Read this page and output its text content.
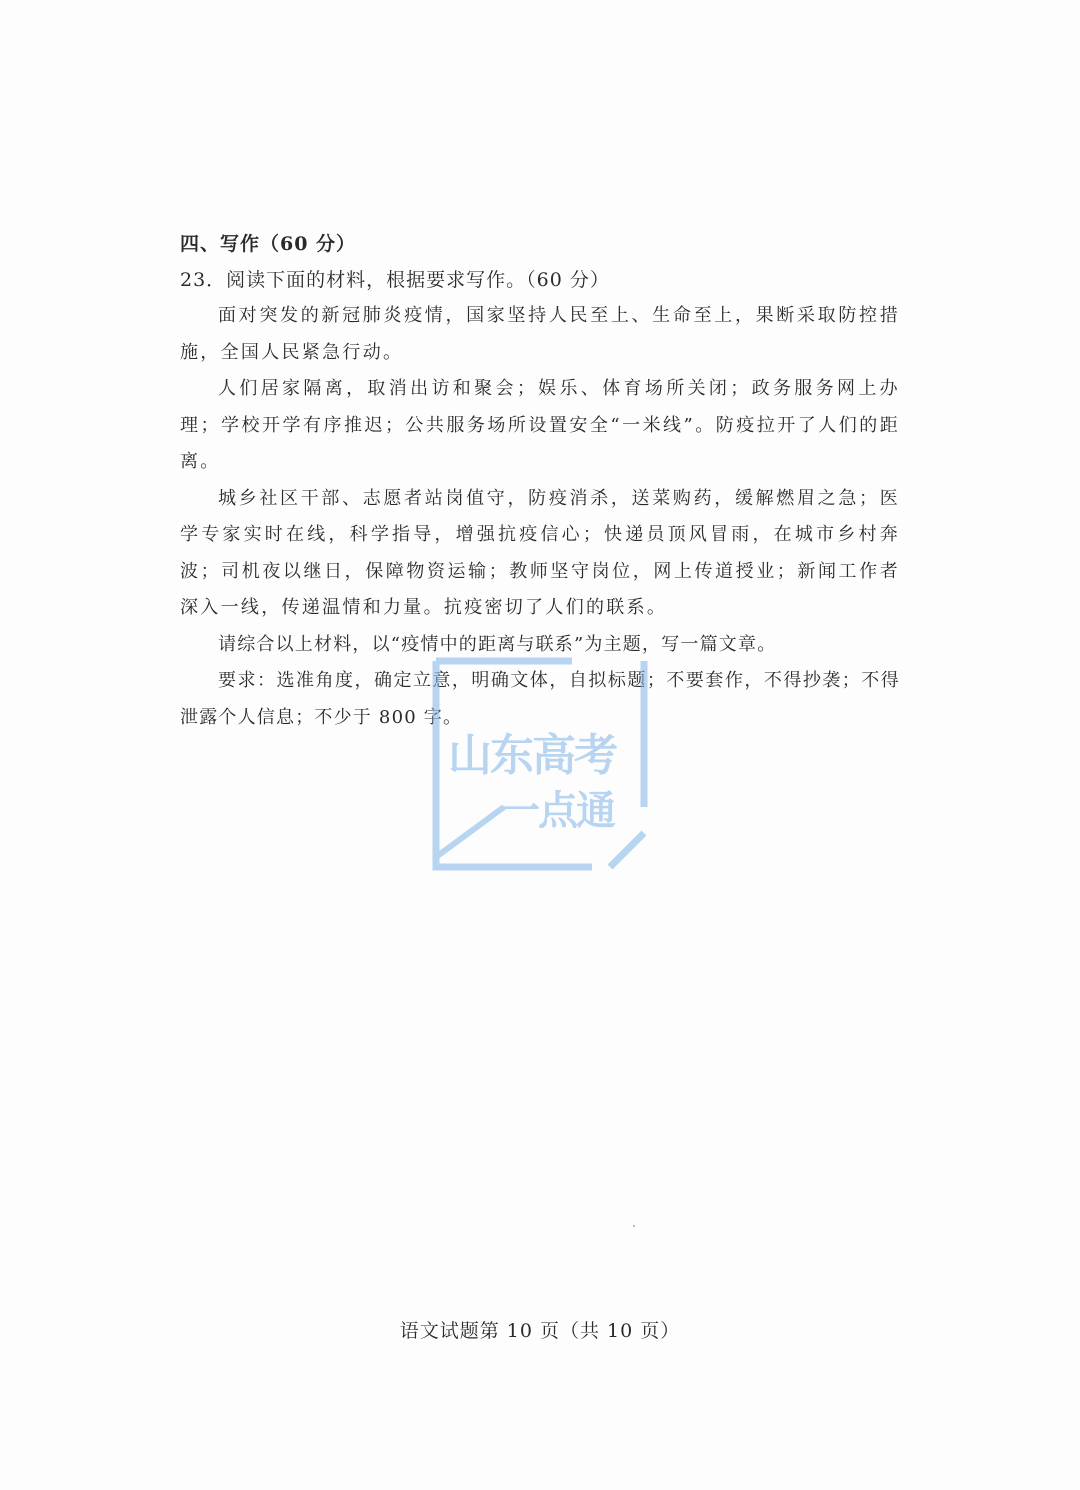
四、写作（60 分）

23．阅读下面的材料，根据要求写作。（60 分）

面对突发的新冠肺炎疫情，国家坚持人民至上、生命至上，果断采取防控措施，全国人民紧急行动。

人们居家隔离，取消出访和聚会；娱乐、体育场所关闭；政务服务网上办理；学校开学有序推迟；公共服务场所设置安全“一米线”。防疫拉开了人们的距离。

城乡社区干部、志愿者站岗值守，防疫消杀，送菜购药，缓解燃眉之急；医学专家实时在线，科学指导，增强抗疫信心；快递员顶风冒雨，在城市乡村奔波；司机夜以继日，保障物资运输；教师坚守岗位，网上传道授业；新闻工作者深入一线，传递温情和力量。抗疫密切了人们的联系。

请综合以上材料，以“疫情中的距离与联系”为主题，写一篇文章。

要求：选准角度，确定立意，明确文体，自拟标题；不要套作，不得抄袭；不得泄露个人信息；不少于 800 字。

山东高考
一点通
语文试题第 10 页（共 10 页）
